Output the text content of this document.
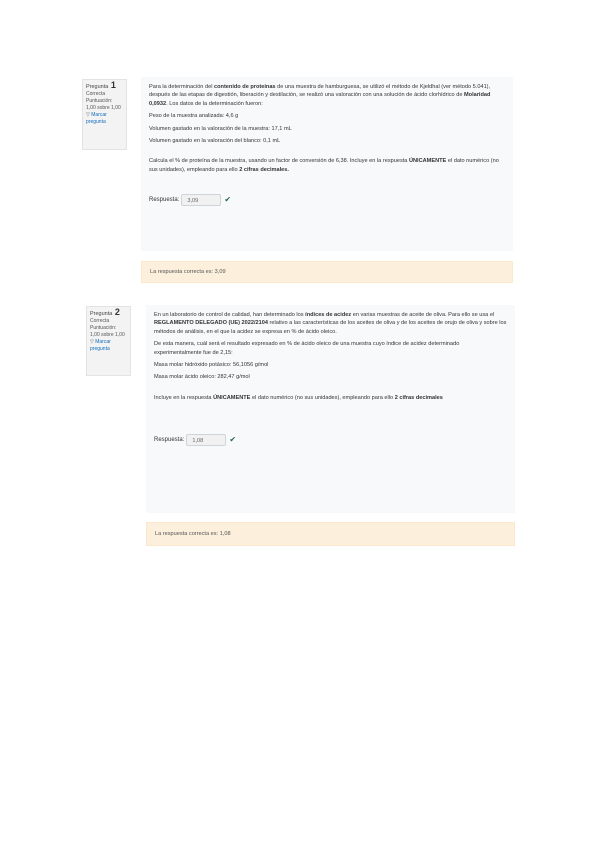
Pregunta 1
Correcta
Puntuación:
1,00 sobre 1,00
▽ Marcar pregunta

Para la determinación del contenido de proteínas de una muestra de hamburguesa, se utilizó el método de Kjeldhal (ver método 5.041), después de las etapas de digestión, liberación y destilación, se realizó una valoración con una solución de ácido clorhídrico de Molaridad 0,0932. Los datos de la determinación fueron:

Peso de la muestra analizada: 4,6 g

Volumen gastado en la valoración de la muestra: 17,1 mL

Volumen gastado en la valoración del blanco: 0,1 mL

Calcula el % de proteína de la muestra, usando un factor de conversión de 6,38. Incluye en la respuesta ÚNICAMENTE el dato numérico (no sus unidades), empleando para ello 2 cifras decimales.

Respuesta:	3,09	✔
La respuesta correcta es: 3,09
Pregunta 2
Correcta
Puntuación:
1,00 sobre 1,00
▽ Marcar pregunta

En un laboratorio de control de calidad, han determinado los índices de acidez en varias muestras de aceite de oliva. Para ello se usa el REGLAMENTO DELEGADO (UE) 2022/2104 relativo a las características de los aceites de oliva y de los aceites de orujo de oliva y sobre los métodos de análisis, en el que la acidez se expresa en % de ácido oleico.

De esta manera, cuál será el resultado expresado en % de ácido oleico de una muestra cuyo índice de acidez determinado experimentalmente fue de 2,15:

Masa molar hidróxido potásico: 56,1056 g/mol

Masa molar ácido oleico: 282,47 g/mol

Incluye en la respuesta ÚNICAMENTE el dato numérico (no sus unidades), empleando para ello 2 cifras decimales

Respuesta:	1,08	✔
La respuesta correcta es: 1,08
